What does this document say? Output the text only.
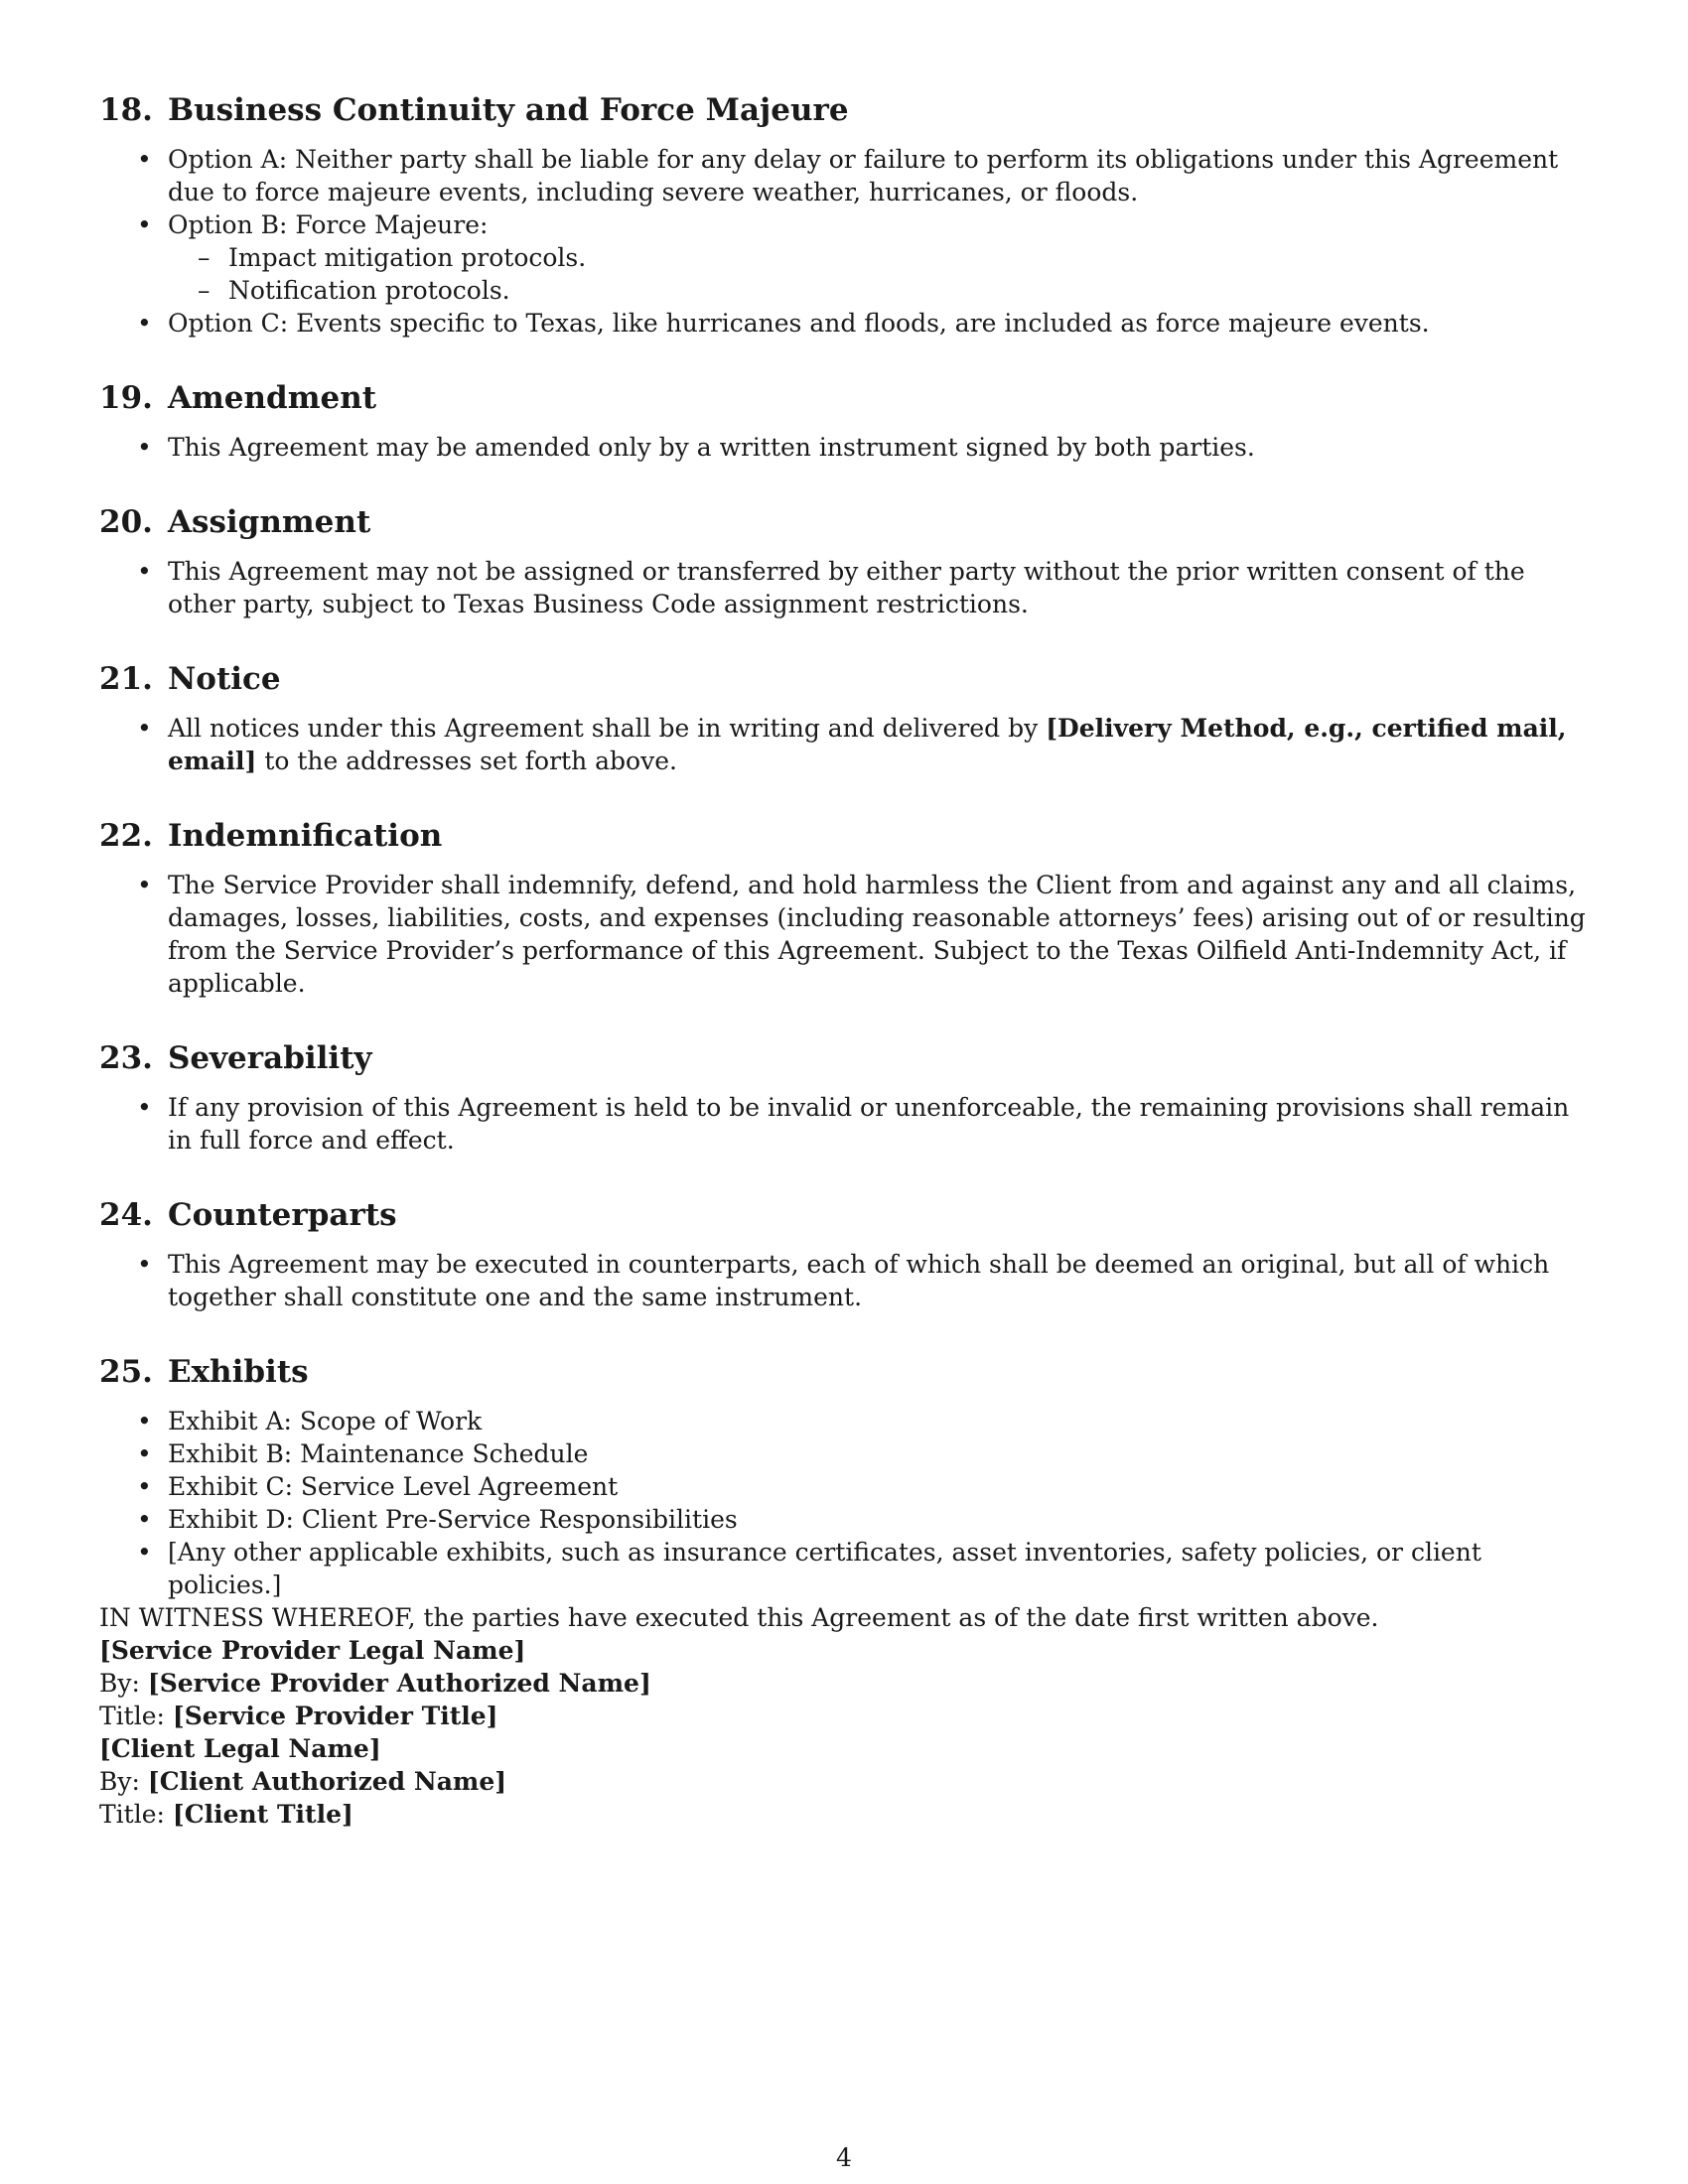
18. Business Continuity and Force Majeure
• Option A: Neither party shall be liable for any delay or failure to perform its obligations under this Agreement due to force majeure events, including severe weather, hurricanes, or floods.
• Option B: Force Majeure:
– Impact mitigation protocols.
– Notification protocols.
• Option C: Events specific to Texas, like hurricanes and floods, are included as force majeure events.
19. Amendment
• This Agreement may be amended only by a written instrument signed by both parties.
20. Assignment
• This Agreement may not be assigned or transferred by either party without the prior written consent of the other party, subject to Texas Business Code assignment restrictions.
21. Notice
• All notices under this Agreement shall be in writing and delivered by [Delivery Method, e.g., certified mail, email] to the addresses set forth above.
22. Indemnification
• The Service Provider shall indemnify, defend, and hold harmless the Client from and against any and all claims, damages, losses, liabilities, costs, and expenses (including reasonable attorneys’ fees) arising out of or resulting from the Service Provider’s performance of this Agreement. Subject to the Texas Oilfield Anti-Indemnity Act, if applicable.
23. Severability
• If any provision of this Agreement is held to be invalid or unenforceable, the remaining provisions shall remain in full force and effect.
24. Counterparts
• This Agreement may be executed in counterparts, each of which shall be deemed an original, but all of which together shall constitute one and the same instrument.
25. Exhibits
• Exhibit A: Scope of Work
• Exhibit B: Maintenance Schedule
• Exhibit C: Service Level Agreement
• Exhibit D: Client Pre-Service Responsibilities
• [Any other applicable exhibits, such as insurance certificates, asset inventories, safety policies, or client policies.]

IN WITNESS WHEREOF, the parties have executed this Agreement as of the date first written above.

[Service Provider Legal Name]

By: [Service Provider Authorized Name]

Title: [Service Provider Title]

[Client Legal Name]

By: [Client Authorized Name]

Title: [Client Title]

4
